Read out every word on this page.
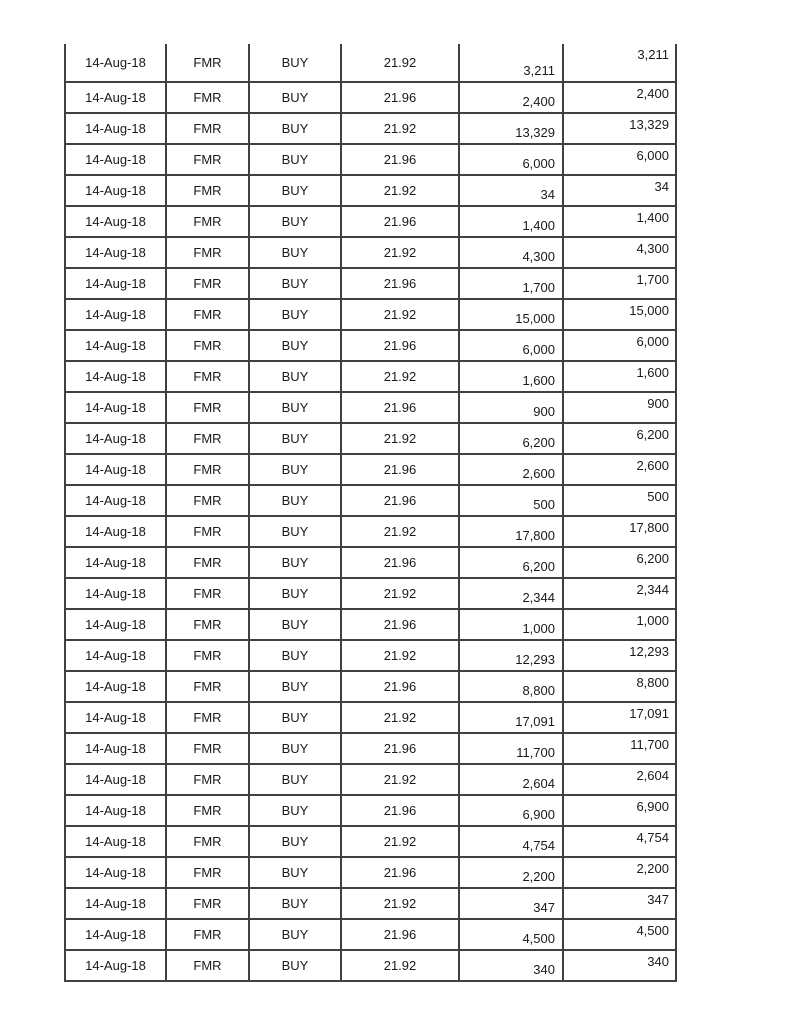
14-Aug-18	FMR	BUY	21.92	3,211	3,211
14-Aug-18	FMR	BUY	21.96	2,400	2,400
14-Aug-18	FMR	BUY	21.92	13,329	13,329
14-Aug-18	FMR	BUY	21.96	6,000	6,000
14-Aug-18	FMR	BUY	21.92	34	34
14-Aug-18	FMR	BUY	21.96	1,400	1,400
14-Aug-18	FMR	BUY	21.92	4,300	4,300
14-Aug-18	FMR	BUY	21.96	1,700	1,700
14-Aug-18	FMR	BUY	21.92	15,000	15,000
14-Aug-18	FMR	BUY	21.96	6,000	6,000
14-Aug-18	FMR	BUY	21.92	1,600	1,600
14-Aug-18	FMR	BUY	21.96	900	900
14-Aug-18	FMR	BUY	21.92	6,200	6,200
14-Aug-18	FMR	BUY	21.96	2,600	2,600
14-Aug-18	FMR	BUY	21.96	500	500
14-Aug-18	FMR	BUY	21.92	17,800	17,800
14-Aug-18	FMR	BUY	21.96	6,200	6,200
14-Aug-18	FMR	BUY	21.92	2,344	2,344
14-Aug-18	FMR	BUY	21.96	1,000	1,000
14-Aug-18	FMR	BUY	21.92	12,293	12,293
14-Aug-18	FMR	BUY	21.96	8,800	8,800
14-Aug-18	FMR	BUY	21.92	17,091	17,091
14-Aug-18	FMR	BUY	21.96	11,700	11,700
14-Aug-18	FMR	BUY	21.92	2,604	2,604
14-Aug-18	FMR	BUY	21.96	6,900	6,900
14-Aug-18	FMR	BUY	21.92	4,754	4,754
14-Aug-18	FMR	BUY	21.96	2,200	2,200
14-Aug-18	FMR	BUY	21.92	347	347
14-Aug-18	FMR	BUY	21.96	4,500	4,500
14-Aug-18	FMR	BUY	21.92	340	340
